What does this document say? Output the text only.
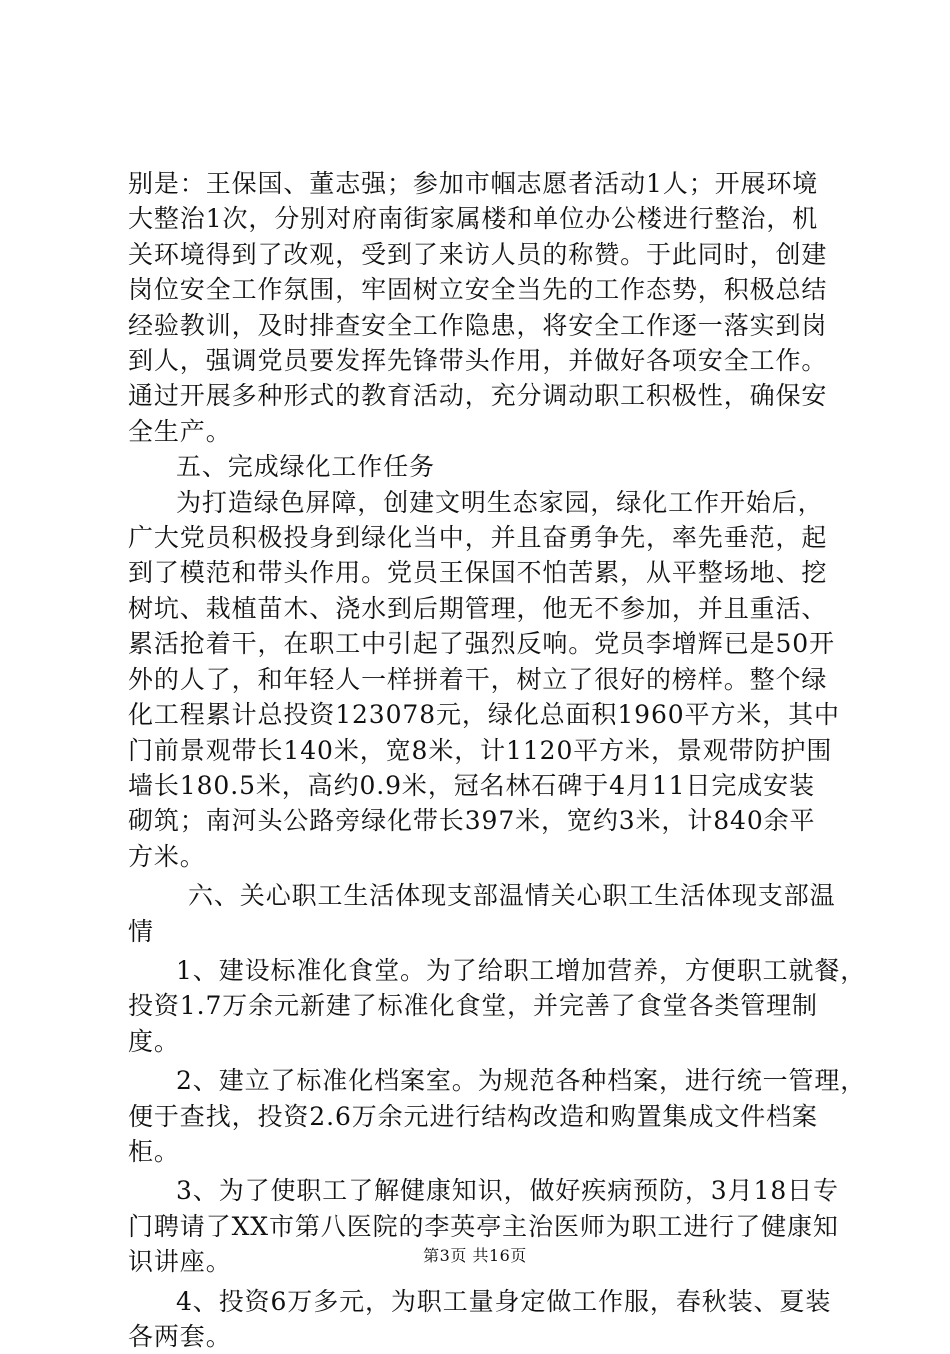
别是：王保国、董志强；参加市帼志愿者活动1人；开展环境
大整治1次，分别对府南街家属楼和单位办公楼进行整治，机
关环境得到了改观，受到了来访人员的称赞。于此同时，创建
岗位安全工作氛围，牢固树立安全当先的工作态势，积极总结
经验教训，及时排查安全工作隐患，将安全工作逐一落实到岗
到人，强调党员要发挥先锋带头作用，并做好各项安全工作。
通过开展多种形式的教育活动，充分调动职工积极性，确保安
全生产。
五、完成绿化工作任务
为打造绿色屏障，创建文明生态家园，绿化工作开始后，
广大党员积极投身到绿化当中，并且奋勇争先，率先垂范，起
到了模范和带头作用。党员王保国不怕苦累，从平整场地、挖
树坑、栽植苗木、浇水到后期管理，他无不参加，并且重活、
累活抢着干，在职工中引起了强烈反响。党员李增辉已是50开
外的人了，和年轻人一样拼着干，树立了很好的榜样。整个绿
化工程累计总投资123078元，绿化总面积1960平方米，其中
门前景观带长140米，宽8米，计1120平方米，景观带防护围
墙长180.5米，高约0.9米，冠名林石碑于4月11日完成安装
砌筑；南河头公路旁绿化带长397米，宽约3米，计840余平
方米。
六、关心职工生活体现支部温情关心职工生活体现支部温
情
1、建设标准化食堂。为了给职工增加营养，方便职工就餐，
投资1.7万余元新建了标准化食堂，并完善了食堂各类管理制
度。
2、建立了标准化档案室。为规范各种档案，进行统一管理，
便于查找，投资2.6万余元进行结构改造和购置集成文件档案
柜。
3、为了使职工了解健康知识，做好疾病预防，3月18日专
门聘请了XX市第八医院的李英亭主治医师为职工进行了健康知
识讲座。
4、投资6万多元，为职工量身定做工作服，春秋装、夏装
各两套。
第3页 共16页
